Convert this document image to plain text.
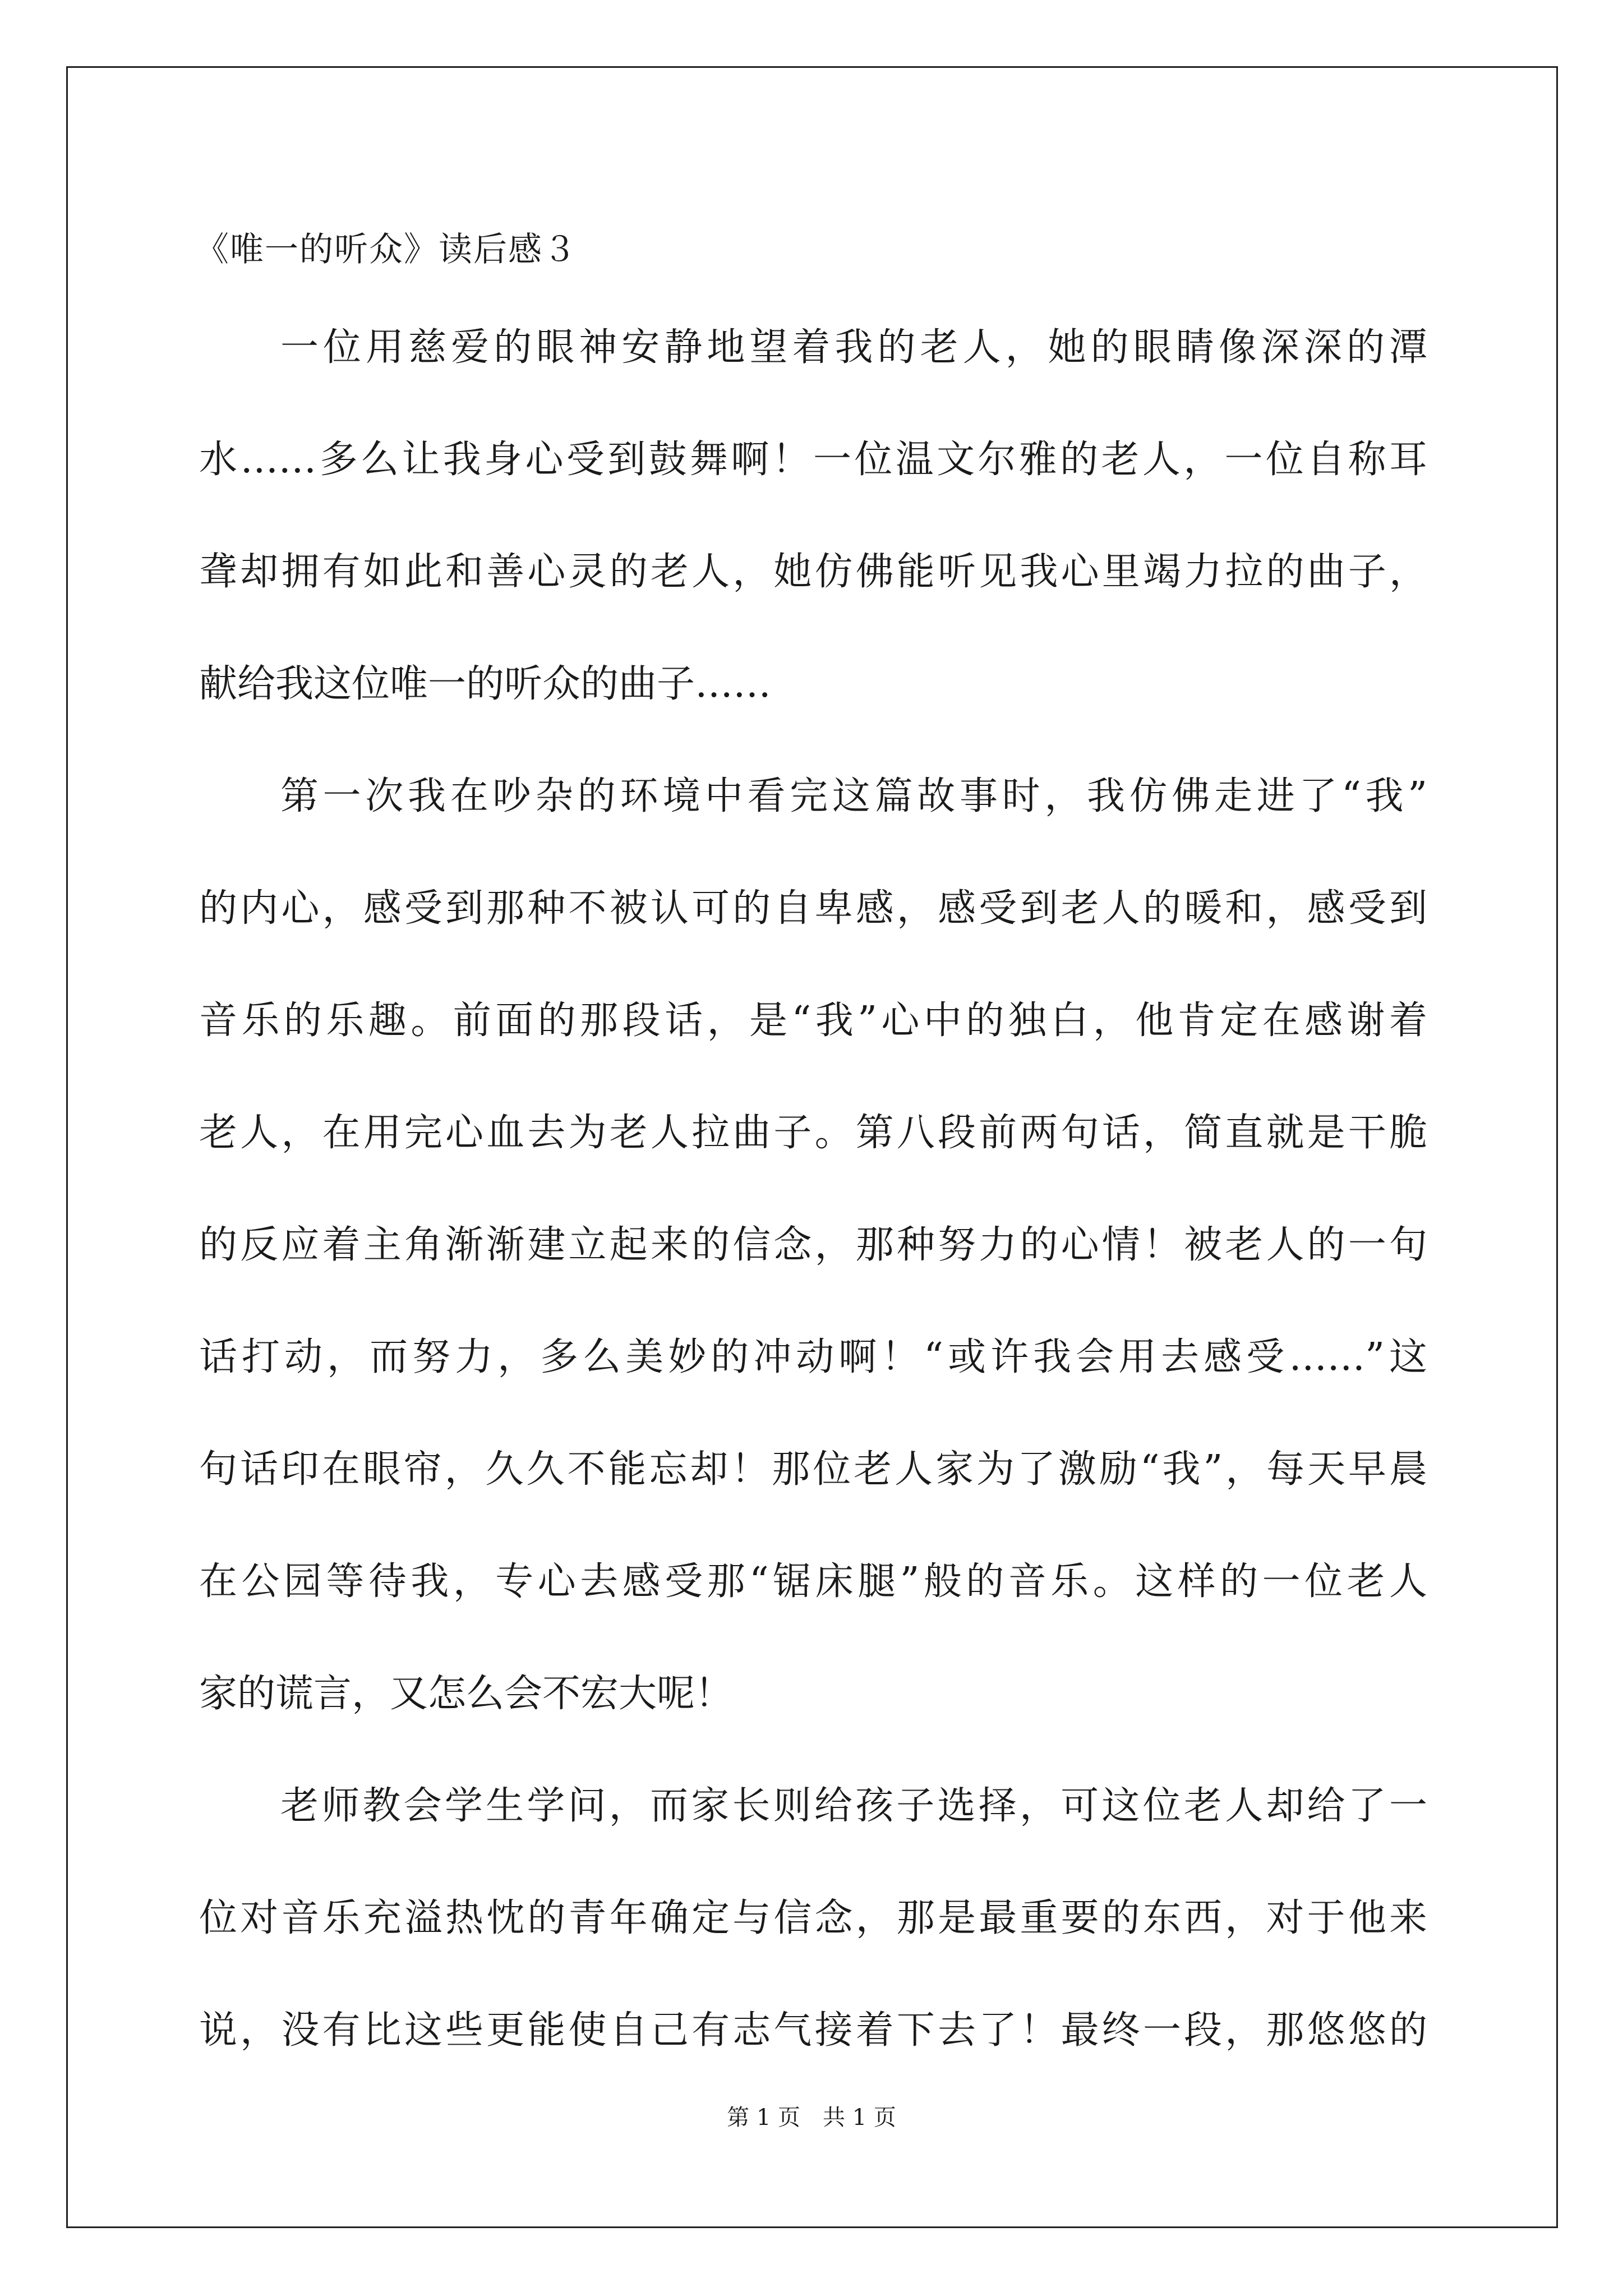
《唯一的听众》读后感３

一位用慈爱的眼神安静地望着我的老人，她的眼睛像深深的潭

水……多么让我身心受到鼓舞啊！一位温文尔雅的老人，一位自称耳

聋却拥有如此和善心灵的老人，她仿佛能听见我心里竭力拉的曲子，

献给我这位唯一的听众的曲子……

第一次我在吵杂的环境中看完这篇故事时，我仿佛走进了“我”

的内心，感受到那种不被认可的自卑感，感受到老人的暖和，感受到

音乐的乐趣。前面的那段话，是“我”心中的独白，他肯定在感谢着

老人，在用完心血去为老人拉曲子。第八段前两句话，简直就是干脆

的反应着主角渐渐建立起来的信念，那种努力的心情！被老人的一句

话打动，而努力，多么美妙的冲动啊！“或许我会用去感受……”这

句话印在眼帘，久久不能忘却！那位老人家为了激励“我”，每天早晨

在公园等待我，专心去感受那“锯床腿”般的音乐。这样的一位老人

家的谎言，又怎么会不宏大呢！

老师教会学生学问，而家长则给孩子选择，可这位老人却给了一

位对音乐充溢热忱的青年确定与信念，那是最重要的东西，对于他来

说，没有比这些更能使自己有志气接着下去了！最终一段，那悠悠的

第 1 页　共 1 页
